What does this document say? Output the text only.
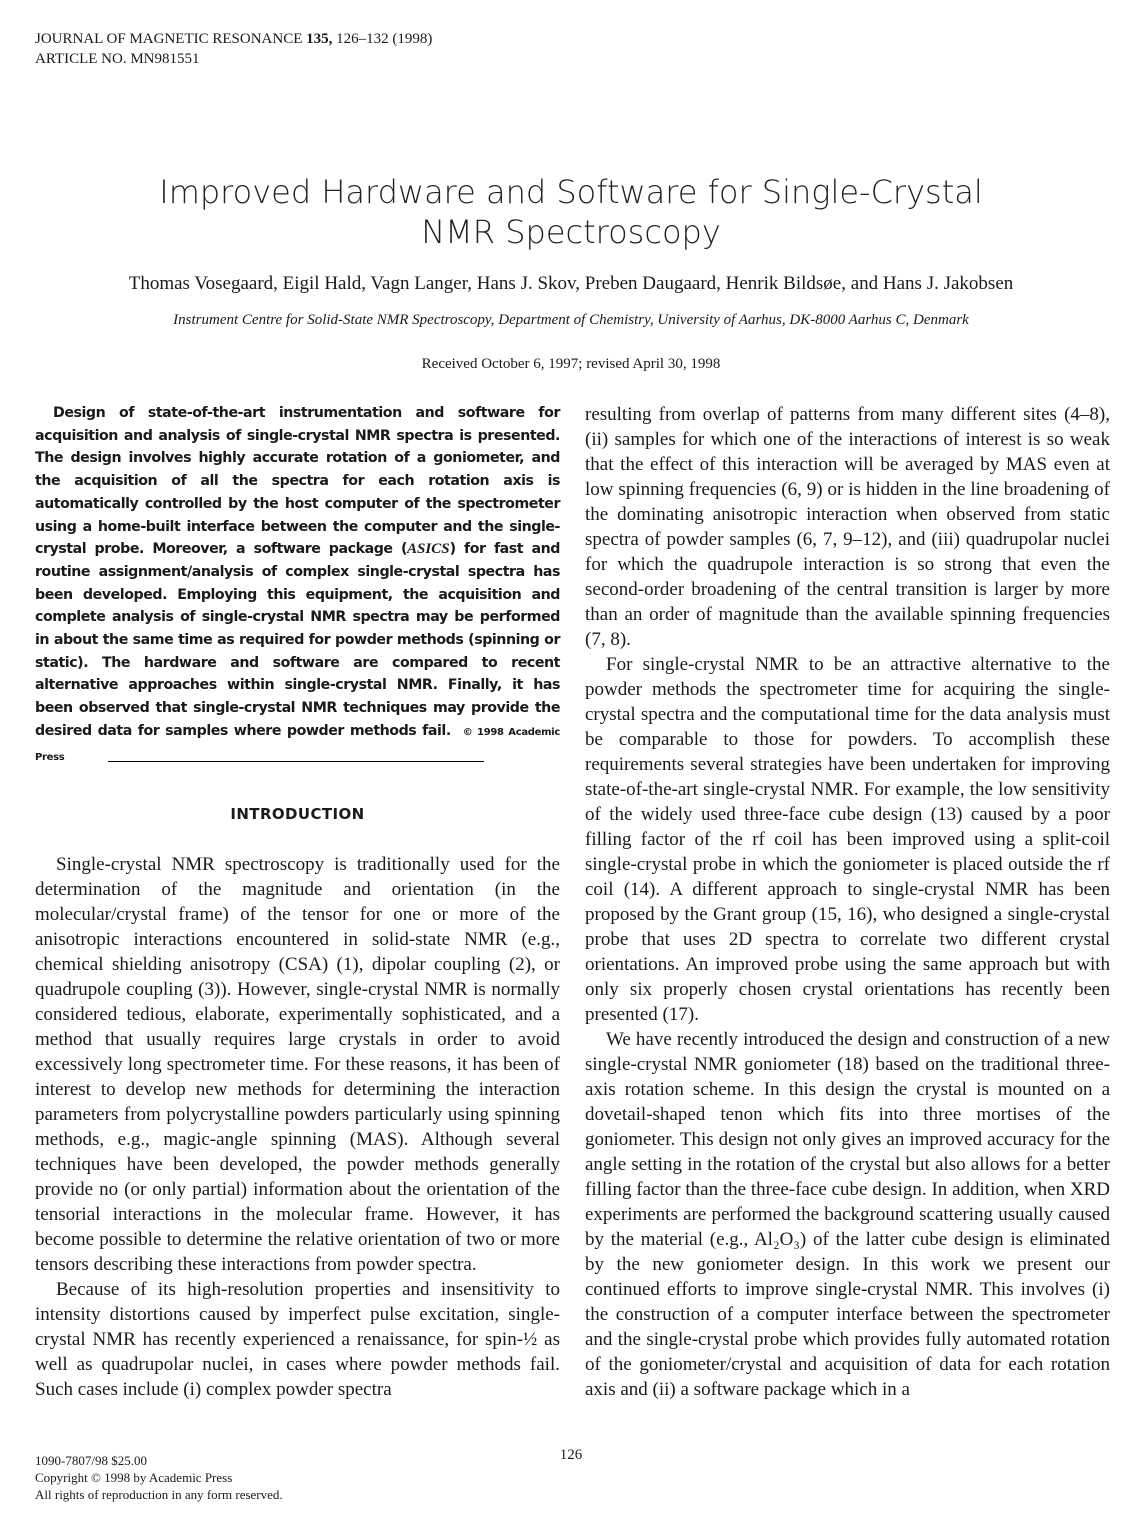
JOURNAL OF MAGNETIC RESONANCE 135, 126–132 (1998)
ARTICLE NO. MN981551
Improved Hardware and Software for Single-Crystal
NMR Spectroscopy
Thomas Vosegaard, Eigil Hald, Vagn Langer, Hans J. Skov, Preben Daugaard, Henrik Bildsøe, and Hans J. Jakobsen
Instrument Centre for Solid-State NMR Spectroscopy, Department of Chemistry, University of Aarhus, DK-8000 Aarhus C, Denmark
Received October 6, 1997; revised April 30, 1998
Design of state-of-the-art instrumentation and software for acquisition and analysis of single-crystal NMR spectra is presented. The design involves highly accurate rotation of a goniometer, and the acquisition of all the spectra for each rotation axis is automatically controlled by the host computer of the spectrometer using a home-built interface between the computer and the single-crystal probe. Moreover, a software package (ASICS) for fast and routine assignment/analysis of complex single-crystal spectra has been developed. Employing this equipment, the acquisition and complete analysis of single-crystal NMR spectra may be performed in about the same time as required for powder methods (spinning or static). The hardware and software are compared to recent alternative approaches within single-crystal NMR. Finally, it has been observed that single-crystal NMR techniques may provide the desired data for samples where powder methods fail. © 1998 Academic Press
INTRODUCTION

Single-crystal NMR spectroscopy is traditionally used for the determination of the magnitude and orientation (in the molecular/crystal frame) of the tensor for one or more of the anisotropic interactions encountered in solid-state NMR (e.g., chemical shielding anisotropy (CSA) (1), dipolar coupling (2), or quadrupole coupling (3)). However, single-crystal NMR is normally considered tedious, elaborate, experimentally sophisticated, and a method that usually requires large crystals in order to avoid excessively long spectrometer time. For these reasons, it has been of interest to develop new methods for determining the interaction parameters from polycrystalline powders particularly using spinning methods, e.g., magic-angle spinning (MAS). Although several techniques have been developed, the powder methods generally provide no (or only partial) information about the orientation of the tensorial interactions in the molecular frame. However, it has become possible to determine the relative orientation of two or more tensors describing these interactions from powder spectra.

Because of its high-resolution properties and insensitivity to intensity distortions caused by imperfect pulse excitation, single-crystal NMR has recently experienced a renaissance, for spin-½ as well as quadrupolar nuclei, in cases where powder methods fail. Such cases include (i) complex powder spectra

resulting from overlap of patterns from many different sites (4–8), (ii) samples for which one of the interactions of interest is so weak that the effect of this interaction will be averaged by MAS even at low spinning frequencies (6, 9) or is hidden in the line broadening of the dominating anisotropic interaction when observed from static spectra of powder samples (6, 7, 9–12), and (iii) quadrupolar nuclei for which the quadrupole interaction is so strong that even the second-order broadening of the central transition is larger by more than an order of magnitude than the available spinning frequencies (7, 8).

For single-crystal NMR to be an attractive alternative to the powder methods the spectrometer time for acquiring the single-crystal spectra and the computational time for the data analysis must be comparable to those for powders. To accomplish these requirements several strategies have been undertaken for improving state-of-the-art single-crystal NMR. For example, the low sensitivity of the widely used three-face cube design (13) caused by a poor filling factor of the rf coil has been improved using a split-coil single-crystal probe in which the goniometer is placed outside the rf coil (14). A different approach to single-crystal NMR has been proposed by the Grant group (15, 16), who designed a single-crystal probe that uses 2D spectra to correlate two different crystal orientations. An improved probe using the same approach but with only six properly chosen crystal orientations has recently been presented (17).

We have recently introduced the design and construction of a new single-crystal NMR goniometer (18) based on the traditional three-axis rotation scheme. In this design the crystal is mounted on a dovetail-shaped tenon which fits into three mortises of the goniometer. This design not only gives an improved accuracy for the angle setting in the rotation of the crystal but also allows for a better filling factor than the three-face cube design. In addition, when XRD experiments are performed the background scattering usually caused by the material (e.g., Al₂O₃) of the latter cube design is eliminated by the new goniometer design. In this work we present our continued efforts to improve single-crystal NMR. This involves (i) the construction of a computer interface between the spectrometer and the single-crystal probe which provides fully automated rotation of the goniometer/crystal and acquisition of data for each rotation axis and (ii) a software package which in a

126
1090-7807/98 $25.00
Copyright © 1998 by Academic Press
All rights of reproduction in any form reserved.
